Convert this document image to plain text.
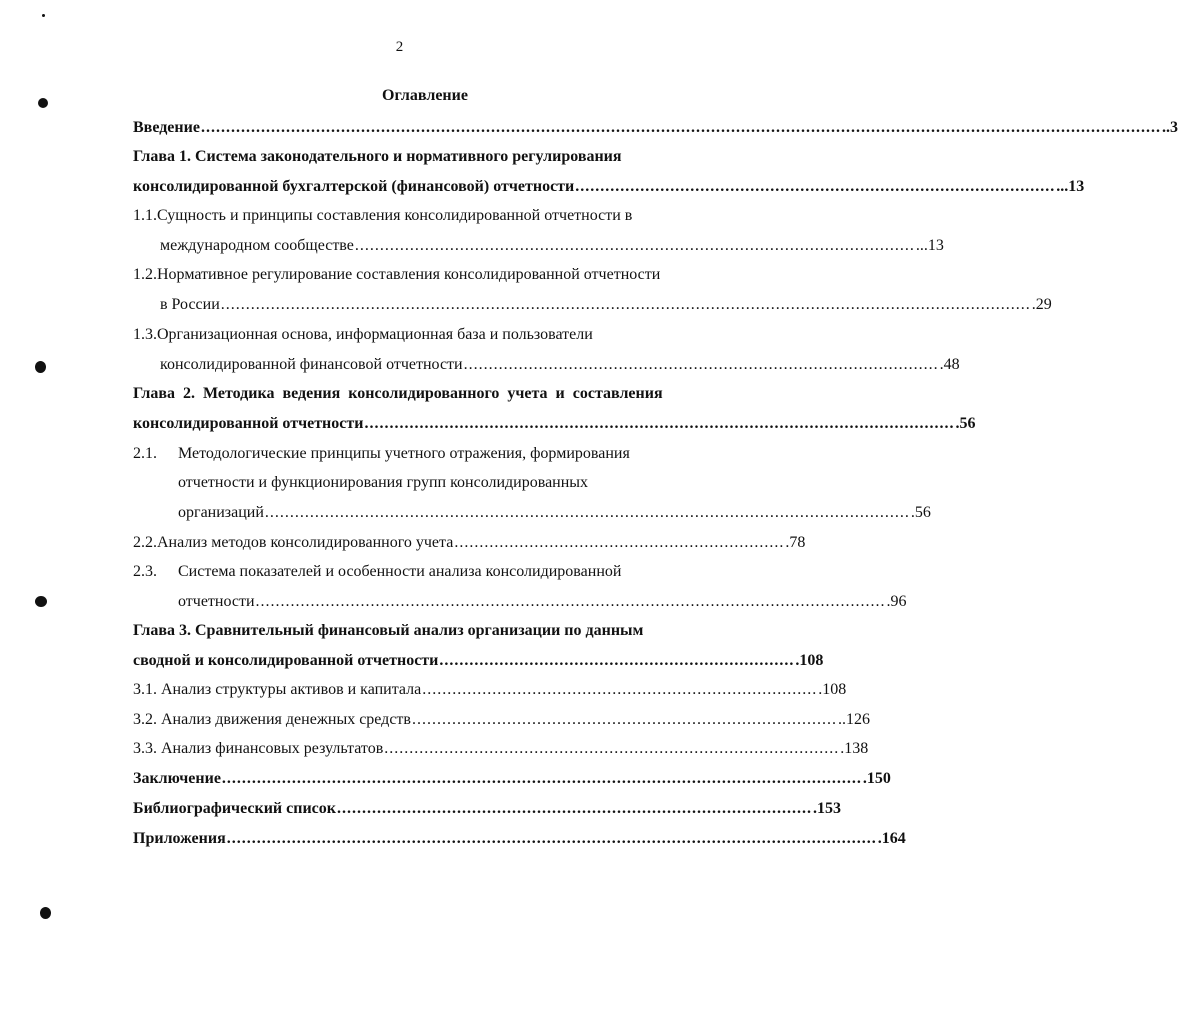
2
Оглавление
Введение ................................................................................................................................................................................................ ..3
Глава 1. Система законодательного и нормативного регулирования
консолидированной бухгалтерской (финансовой) отчетности ................................................................................................ ...13
1.1.Сущность и принципы составления консолидированной отчетности в
международном сообществе ................................................................................................................ ...13
1.2.Нормативное регулирование составления консолидированной отчетности
в России .................................................................................................................................................................. .29
1.3.Организационная основа, информационная база и пользователи
консолидированной финансовой отчетности ............................................................................................... .48
Глава 2. Методика ведения консолидированного учета и составления
консолидированной отчетности ...................................................................................................................... .56
2.1.	Методологические принципы учетного отражения, формирования
отчетности и функционирования групп консолидированных
организаций ................................................................................................................................. .56
2.2. Анализ методов консолидированного учета .................................................................. .78
2.3.	Система показателей и особенности анализа консолидированной
отчетности .............................................................................................................................. .96
Глава 3. Сравнительный финансовый анализ организации по данным
сводной и консолидированной отчетности ....................................................................... .108
3.1. Анализ структуры активов и капитала ............................................................................... .108
3.2. Анализ движения денежных средств ..................................................................................... ..126
3.3. Анализ финансовых результатов ........................................................................................... .138
Заключение ................................................................................................................................ .150
Библиографический список ............................................................................................... .153
Приложения .................................................................................................................................. .164
